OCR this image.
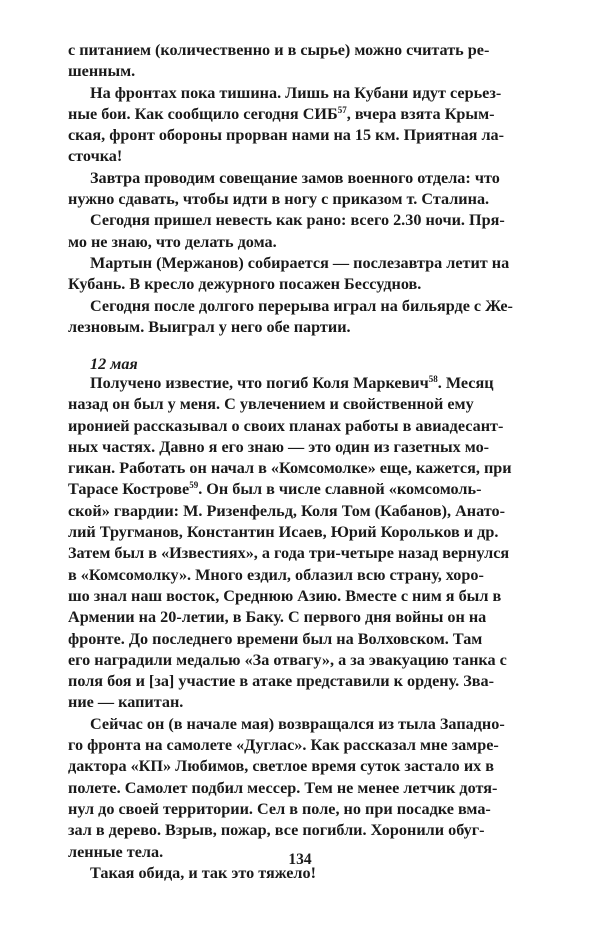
с питанием (количественно и в сырье) можно считать ре-
шенным.

На фронтах пока тишина. Лишь на Кубани идут серьез-
ные бои. Как сообщило сегодня СИБ$^{57}$, вчера взята Крым-
ская, фронт обороны прорван нами на 15 км. Приятная ла-
сточка!

Завтра проводим совещание замов военного отдела: что
нужно сдавать, чтобы идти в ногу с приказом т. Сталина.

Сегодня пришел невесть как рано: всего 2.30 ночи. Пря-
мо не знаю, что делать дома.

Мартын (Мержанов) собирается — послезавтра летит на
Кубань. В кресло дежурного посажен Бессуднов.

Сегодня после долгого перерыва играл на бильярде с Же-
лезновым. Выиграл у него обе партии.

12 мая

Получено известие, что погиб Коля Маркевич$^{58}$. Месяц
назад он был у меня. С увлечением и свойственной ему
иронией рассказывал о своих планах работы в авиадесант-
ных частях. Давно я его знаю — это один из газетных мо-
гикан. Работать он начал в «Комсомолке» еще, кажется, при
Тарасе Кострове$^{59}$. Он был в числе славной «комсомоль-
ской» гвардии: М. Ризенфельд, Коля Том (Кабанов), Анато-
лий Тругманов, Константин Исаев, Юрий Корольков и др.
Затем был в «Известиях», а года три-четыре назад вернулся
в «Комсомолку». Много ездил, облазил всю страну, хоро-
шо знал наш восток, Среднюю Азию. Вместе с ним я был в
Армении на 20-летии, в Баку. С первого дня войны он на
фронте. До последнего времени был на Волховском. Там
его наградили медалью «За отвагу», а за эвакуацию танка с
поля боя и [за] участие в атаке представили к ордену. Зва-
ние — капитан.

Сейчас он (в начале мая) возвращался из тыла Западно-
го фронта на самолете «Дуглас». Как рассказал мне замре-
дактора «КП» Любимов, светлое время суток застало их в
полете. Самолет подбил мессер. Тем не менее летчик дотя-
нул до своей территории. Сел в поле, но при посадке вма-
зал в дерево. Взрыв, пожар, все погибли. Хоронили обуг-
ленные тела.

Такая обида, и так это тяжело!

134
